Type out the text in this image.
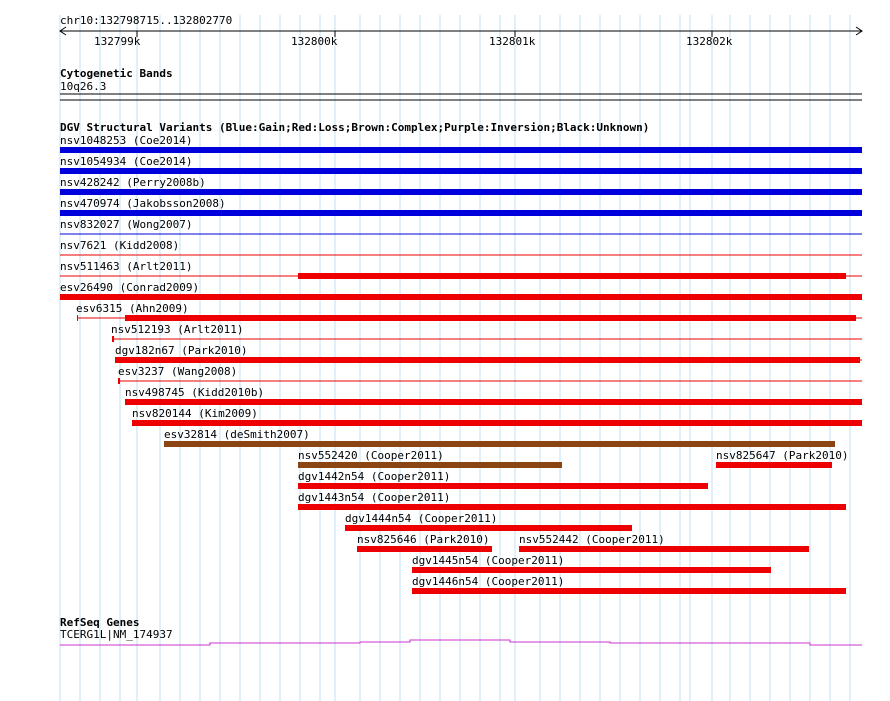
chr10:132798715..132802770
132799k	132800k	132801k	132802k
Cytogenetic Bands
10q26.3
DGV Structural Variants (Blue:Gain;Red:Loss;Brown:Complex;Purple:Inversion;Black:Unknown)
nsv1048253 (Coe2014)
nsv1054934 (Coe2014)
nsv428242 (Perry2008b)
nsv470974 (Jakobsson2008)
nsv832027 (Wong2007)
nsv7621 (Kidd2008)
nsv511463 (Arlt2011)
esv26490 (Conrad2009)
esv6315 (Ahn2009)
nsv512193 (Arlt2011)
dgv182n67 (Park2010)
esv3237 (Wang2008)
nsv498745 (Kidd2010b)
nsv820144 (Kim2009)
esv32814 (deSmith2007)
nsv552420 (Cooper2011)	nsv825647 (Park2010)
dgv1442n54 (Cooper2011)
dgv1443n54 (Cooper2011)
dgv1444n54 (Cooper2011)
nsv825646 (Park2010)	nsv552442 (Cooper2011)
dgv1445n54 (Cooper2011)
dgv1446n54 (Cooper2011)
RefSeq Genes
TCERG1L|NM_174937
